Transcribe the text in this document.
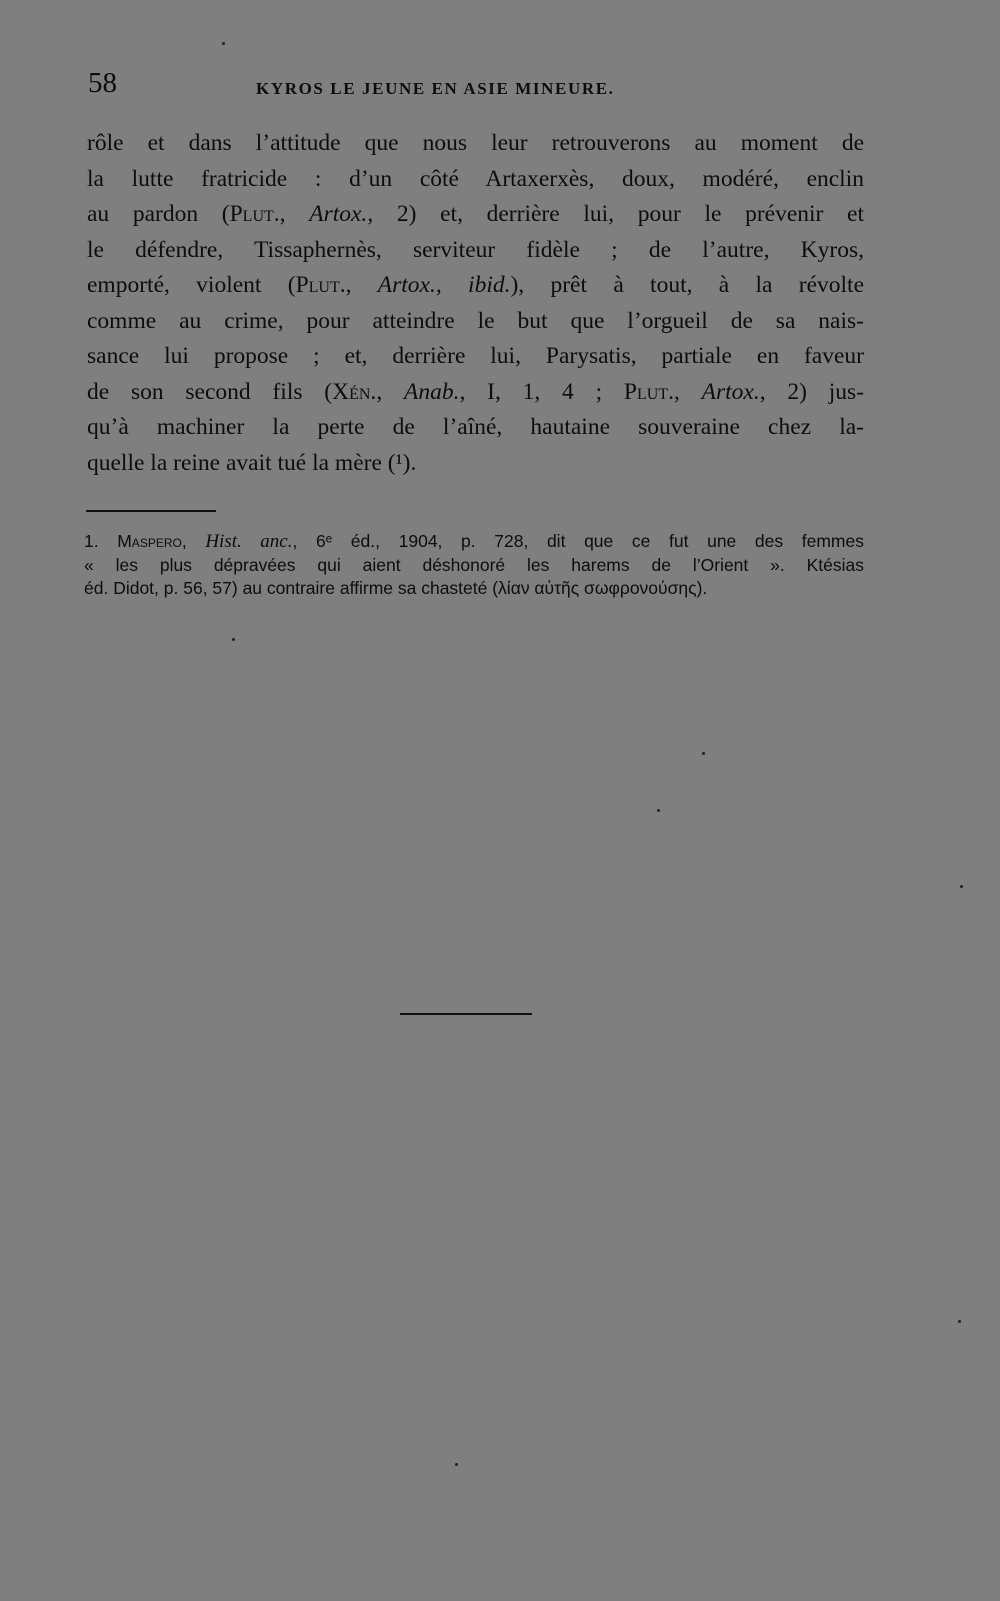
58	KYROS LE JEUNE EN ASIE MINEURE.
rôle et dans l’attitude que nous leur retrouverons au moment de
la lutte fratricide : d’un côté Artaxerxès, doux, modéré, enclin
au pardon (Plut., Artox., 2) et, derrière lui, pour le prévenir et
le défendre, Tissaphernès, serviteur fidèle ; de l’autre, Kyros,
emporté, violent (Plut., Artox., ibid.), prêt à tout, à la révolte
comme au crime, pour atteindre le but que l’orgueil de sa nais-
sance lui propose ; et, derrière lui, Parysatis, partiale en faveur
de son second fils (Xén., Anab., I, 1, 4 ; Plut., Artox., 2) jus-
qu’à machiner la perte de l’aîné, hautaine souveraine chez la-
quelle la reine avait tué la mère (¹).
1. Maspero, Hist. anc., 6ᵉ éd., 1904, p. 728, dit que ce fut une des femmes
« les plus dépravées qui aient déshonoré les harems de l’Orient ». Ktésias
éd. Didot, p. 56, 57) au contraire affirme sa chasteté (λίαν αὐτῆς σωφρονούσης).
